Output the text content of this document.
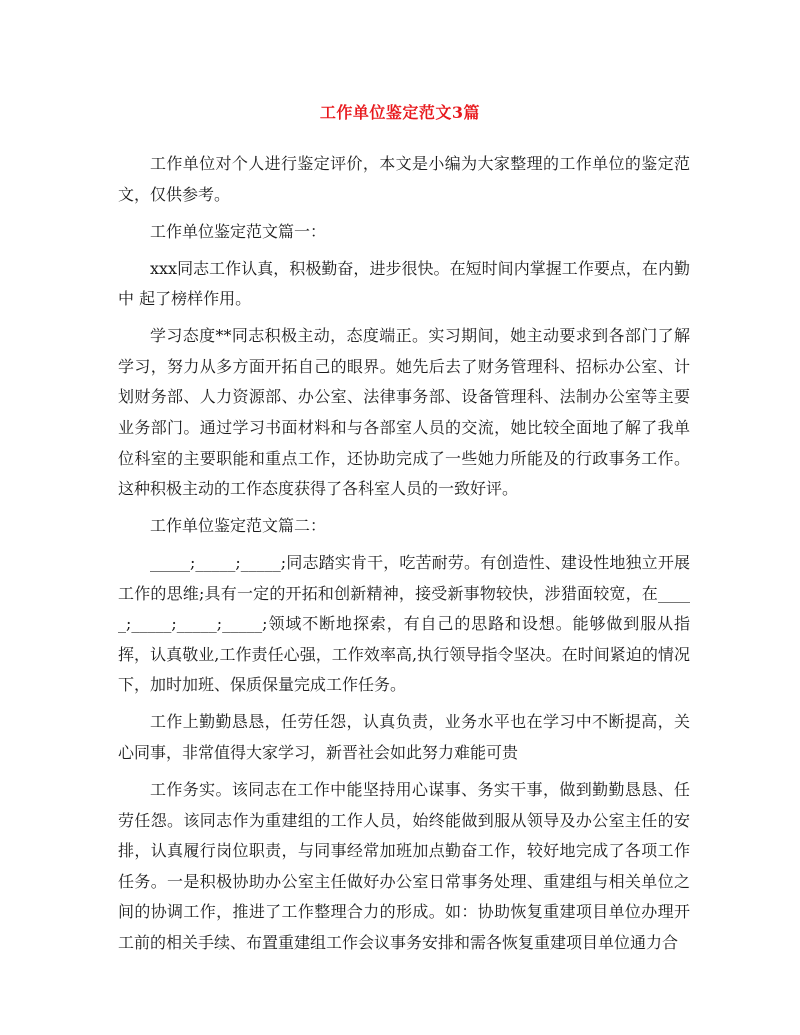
工作单位鉴定范文3篇

工作单位对个人进行鉴定评价，本文是小编为大家整理的工作单位的鉴定范文，仅供参考。

工作单位鉴定范文篇一：

xxx同志工作认真，积极勤奋，进步很快。在短时间内掌握工作要点，在内勤中 起了榜样作用。

学习态度**同志积极主动，态度端正。实习期间，她主动要求到各部门了解学习，努力从多方面开拓自己的眼界。她先后去了财务管理科、招标办公室、计划财务部、人力资源部、办公室、法律事务部、设备管理科、法制办公室等主要业务部门。通过学习书面材料和与各部室人员的交流，她比较全面地了解了我单位科室的主要职能和重点工作，还协助完成了一些她力所能及的行政事务工作。这种积极主动的工作态度获得了各科室人员的一致好评。

工作单位鉴定范文篇二：

_____;_____;_____;同志踏实肯干，吃苦耐劳。有创造性、建设性地独立开展工作的思维;具有一定的开拓和创新精神，接受新事物较快，涉猎面较宽，在_____;_____;_____;_____;领域不断地探索，有自己的思路和设想。能够做到服从指挥，认真敬业,工作责任心强，工作效率高,执行领导指令坚决。在时间紧迫的情况下，加时加班、保质保量完成工作任务。

工作上勤勤恳恳，任劳任怨，认真负责，业务水平也在学习中不断提高，关心同事，非常值得大家学习，新晋社会如此努力难能可贵

工作务实。该同志在工作中能坚持用心谋事、务实干事，做到勤勤恳恳、任劳任怨。该同志作为重建组的工作人员，始终能做到服从领导及办公室主任的安排，认真履行岗位职责，与同事经常加班加点勤奋工作，较好地完成了各项工作任务。一是积极协助办公室主任做好办公室日常事务处理、重建组与相关单位之间的协调工作，推进了工作整理合力的形成。如：协助恢复重建项目单位办理开工前的相关手续、布置重建组工作会议事务安排和需各恢复重建项目单位通力合
